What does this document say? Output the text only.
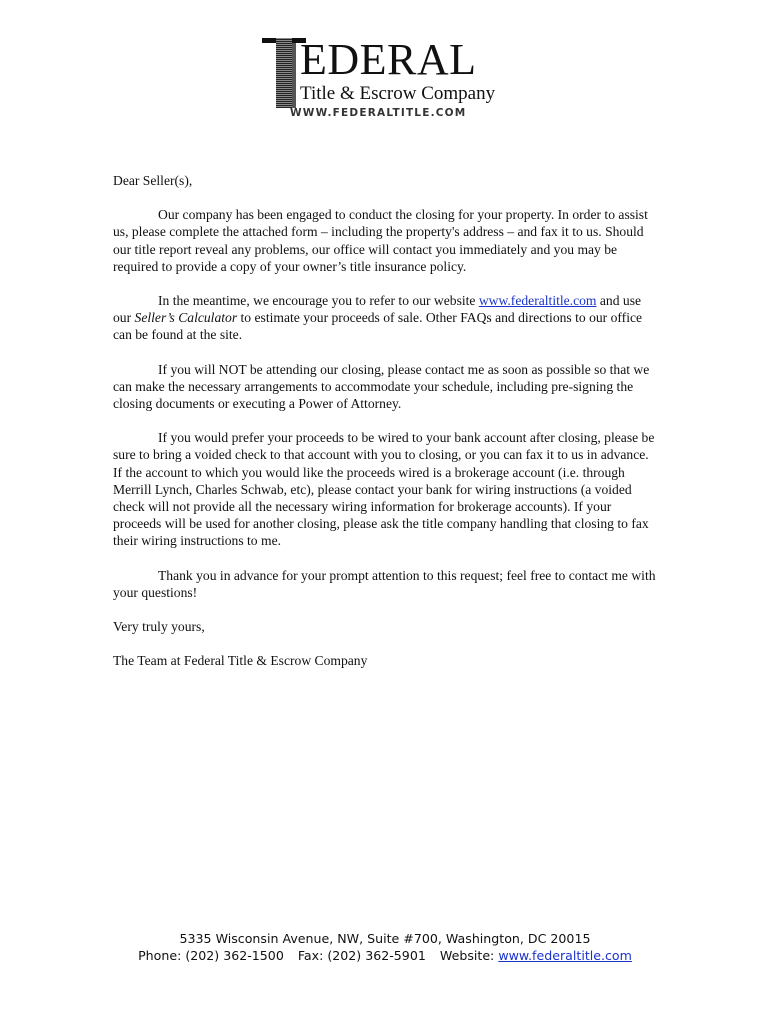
EDERAL
Title & Escrow Company
WWW.FEDERALTITLE.COM

Dear Seller(s),

Our company has been engaged to conduct the closing for your property. In order to assist us, please complete the attached form – including the property's address – and fax it to us. Should our title report reveal any problems, our office will contact you immediately and you may be required to provide a copy of your owner’s title insurance policy.

In the meantime, we encourage you to refer to our website www.federaltitle.com and use our Seller’s Calculator to estimate your proceeds of sale. Other FAQs and directions to our office can be found at the site.

If you will NOT be attending our closing, please contact me as soon as possible so that we can make the necessary arrangements to accommodate your schedule, including pre-signing the closing documents or executing a Power of Attorney.

If you would prefer your proceeds to be wired to your bank account after closing, please be sure to bring a voided check to that account with you to closing, or you can fax it to us in advance. If the account to which you would like the proceeds wired is a brokerage account (i.e. through Merrill Lynch, Charles Schwab, etc), please contact your bank for wiring instructions (a voided check will not provide all the necessary wiring information for brokerage accounts). If your proceeds will be used for another closing, please ask the title company handling that closing to fax their wiring instructions to me.

Thank you in advance for your prompt attention to this request; feel free to contact me with your questions!

Very truly yours,

The Team at Federal Title & Escrow Company

5335 Wisconsin Avenue, NW, Suite #700, Washington, DC 20015
Phone: (202) 362-1500 Fax: (202) 362-5901 Website: www.federaltitle.com
